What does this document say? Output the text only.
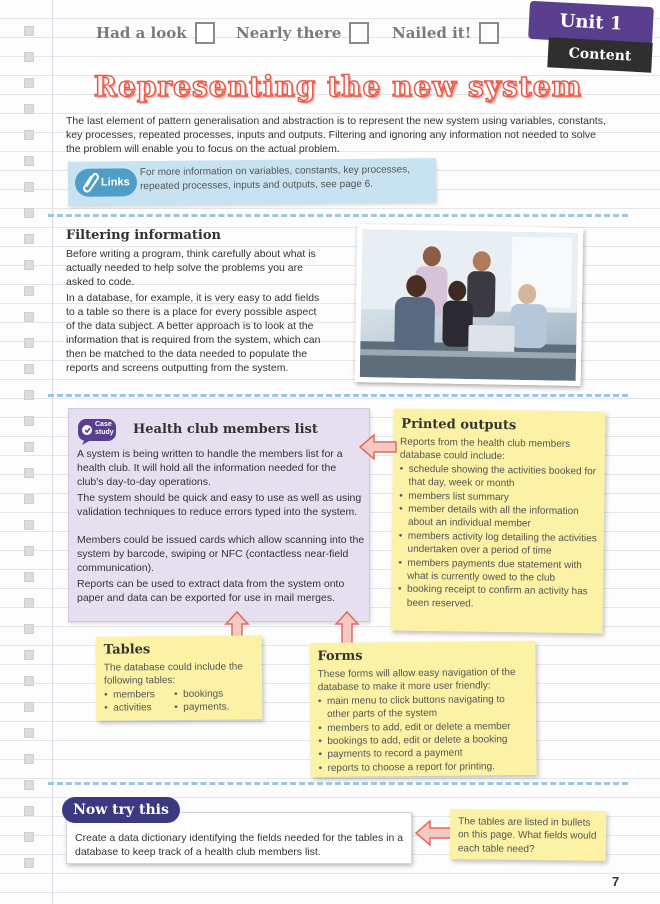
Had a look	Nearly there	Nailed it!	Unit 1
Content
Representing the new system

The last element of pattern generalisation and abstraction is to represent the new system using variables, constants, key processes, repeated processes, inputs and outputs. Filtering and ignoring any information not needed to solve the problem will enable you to focus on the actual problem.

Links
For more information on variables, constants, key processes, repeated processes, inputs and outputs, see page 6.
Filtering information

Before writing a program, think carefully about what is actually needed to help solve the problems you are asked to code.

In a database, for example, it is very easy to add fields to a table so there is a place for every possible aspect of the data subject. A better approach is to look at the information that is required from the system, which can then be matched to the data needed to populate the reports and screens outputting from the system.

Case
study Health club members list

A system is being written to handle the members list for a health club. It will hold all the information needed for the club's day-to-day operations.

The system should be quick and easy to use as well as using validation techniques to reduce errors typed into the system.

Members could be issued cards which allow scanning into the system by barcode, swiping or NFC (contactless near-field communication).

Reports can be used to extract data from the system onto paper and data can be exported for use in mail merges.

Printed outputs
Reports from the health club members database could include:
• schedule showing the activities booked for that day, week or month
• members list summary
• member details with all the information about an individual member
• members activity log detailing the activities undertaken over a period of time
• members payments due statement with what is currently owed to the club
• booking receipt to confirm an activity has been reserved.
Tables
The database could include the following tables:
• members
• activities
• bookings
• payments.
Forms
These forms will allow easy navigation of the database to make it more user friendly:
• main menu to click buttons navigating to other parts of the system
• members to add, edit or delete a member
• bookings to add, edit or delete a booking
• payments to record a payment
• reports to choose a report for printing.

Create a data dictionary identifying the fields needed for the tables in a database to keep track of a health club members list.

Now try this
The tables are listed in bullets on this page. What fields would each table need?
7
